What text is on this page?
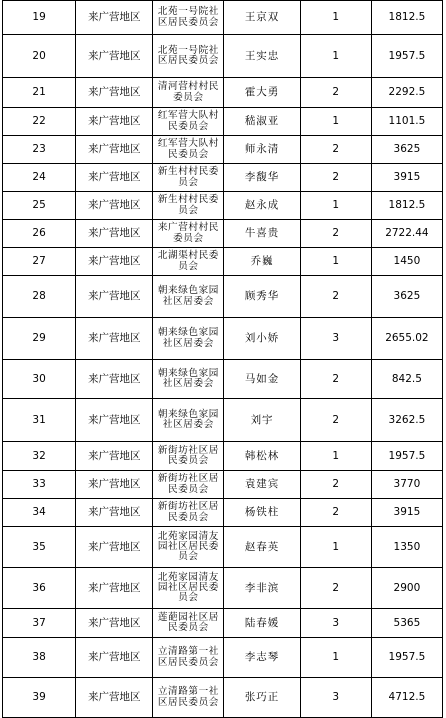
19	来广营地区	北苑一号院社区居民委员会	王京双	1	1812.5
20	来广营地区	北苑一号院社区居民委员会	王实忠	1	1957.5
21	来广营地区	清河营村村民委员会	霍大勇	2	2292.5
22	来广营地区	红军营大队村民委员会	嵇淑亚	1	1101.5
23	来广营地区	红军营大队村民委员会	师永清	2	3625
24	来广营地区	新生村村民委员会	李馥华	2	3915
25	来广营地区	新生村村民委员会	赵永成	1	1812.5
26	来广营地区	来广营村村民委员会	牛喜贵	2	2722.44
27	来广营地区	北湖渠村民委员会	乔巍	1	1450
28	来广营地区	朝来绿色家园社区居委会	顾秀华	2	3625
29	来广营地区	朝来绿色家园社区居委会	刘小娇	3	2655.02
30	来广营地区	朝来绿色家园社区居委会	马如金	2	842.5
31	来广营地区	朝来绿色家园社区居委会	刘宇	2	3262.5
32	来广营地区	新街坊社区居民委员会	韩松林	1	1957.5
33	来广营地区	新街坊社区居民委员会	袁建宾	2	3770
34	来广营地区	新街坊社区居民委员会	杨铁柱	2	3915
35	来广营地区	北苑家园清友园社区居民委员会	赵春英	1	1350
36	来广营地区	北苑家园清友园社区居民委员会	李非滨	2	2900
37	来广营地区	莲葩园社区居民委员会	陆春媛	3	5365
38	来广营地区	立清路第一社区居民委员会	李志琴	1	1957.5
39	来广营地区	立清路第一社区居民委员会	张巧正	3	4712.5
